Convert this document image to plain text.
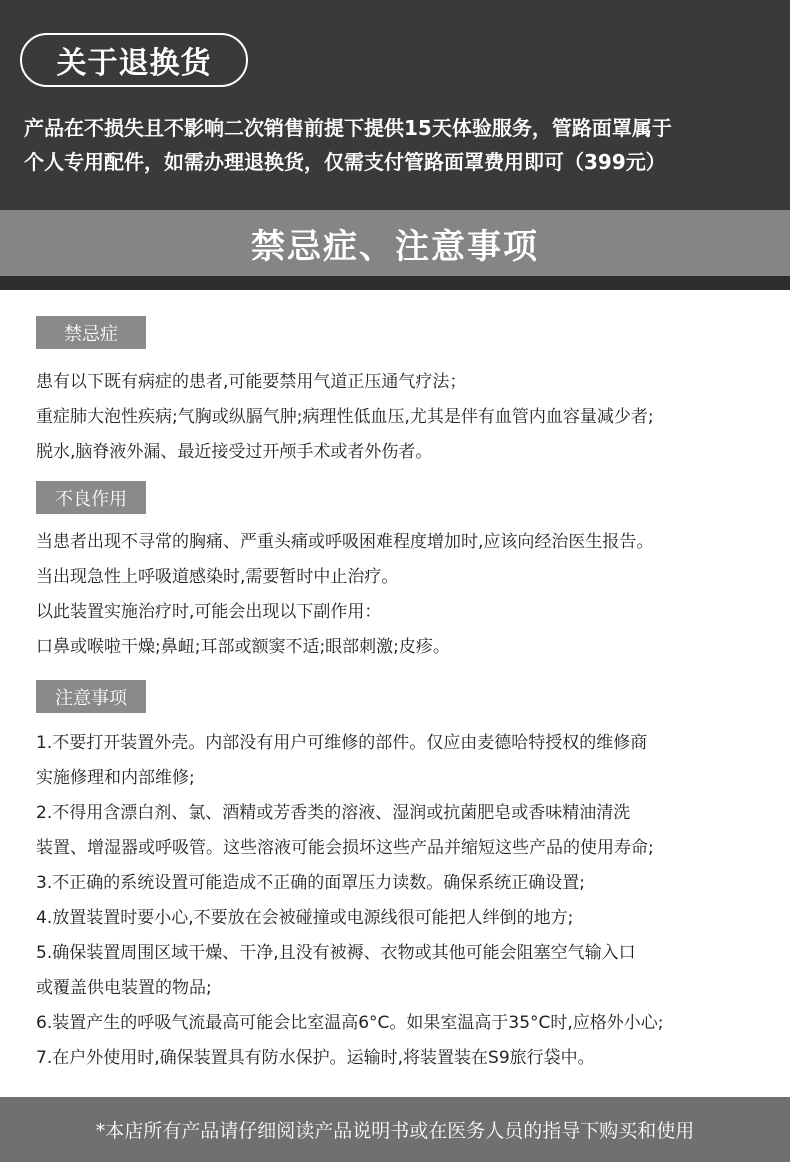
关于退换货
产品在不损失且不影响二次销售前提下提供15天体验服务，管路面罩属于
个人专用配件，如需办理退换货，仅需支付管路面罩费用即可（399元）
禁忌症、注意事项
禁忌症
患有以下既有病症的患者,可能要禁用气道正压通气疗法；
重症肺大泡性疾病;气胸或纵膈气肿;病理性低血压,尤其是伴有血管内血容量减少者;
脱水,脑脊液外漏、最近接受过开颅手术或者外伤者。
不良作用
当患者出现不寻常的胸痛、严重头痛或呼吸困难程度增加时,应该向经治医生报告。
当出现急性上呼吸道感染时,需要暂时中止治疗。
以此装置实施治疗时,可能会出现以下副作用：
口鼻或喉啦干燥;鼻衄;耳部或额窦不适;眼部刺激;皮疹。
注意事项
1.不要打开装置外壳。内部没有用户可维修的部件。仅应由麦德哈特授权的维修商
实施修理和内部维修;
2.不得用含漂白剂、氯、酒精或芳香类的溶液、湿润或抗菌肥皂或香味精油清洗
装置、增湿器或呼吸管。这些溶液可能会损坏这些产品并缩短这些产品的使用寿命;
3.不正确的系统设置可能造成不正确的面罩压力读数。确保系统正确设置;
4.放置装置时要小心,不要放在会被碰撞或电源线很可能把人绊倒的地方;
5.确保装置周围区域干燥、干净,且没有被褥、衣物或其他可能会阻塞空气输入口
或覆盖供电装置的物品;
6.装置产生的呼吸气流最高可能会比室温高6°C。如果室温高于35°C时,应格外小心;
7.在户外使用时,确保装置具有防水保护。运输时,将装置装在S9旅行袋中。
*本店所有产品请仔细阅读产品说明书或在医务人员的指导下购买和使用
